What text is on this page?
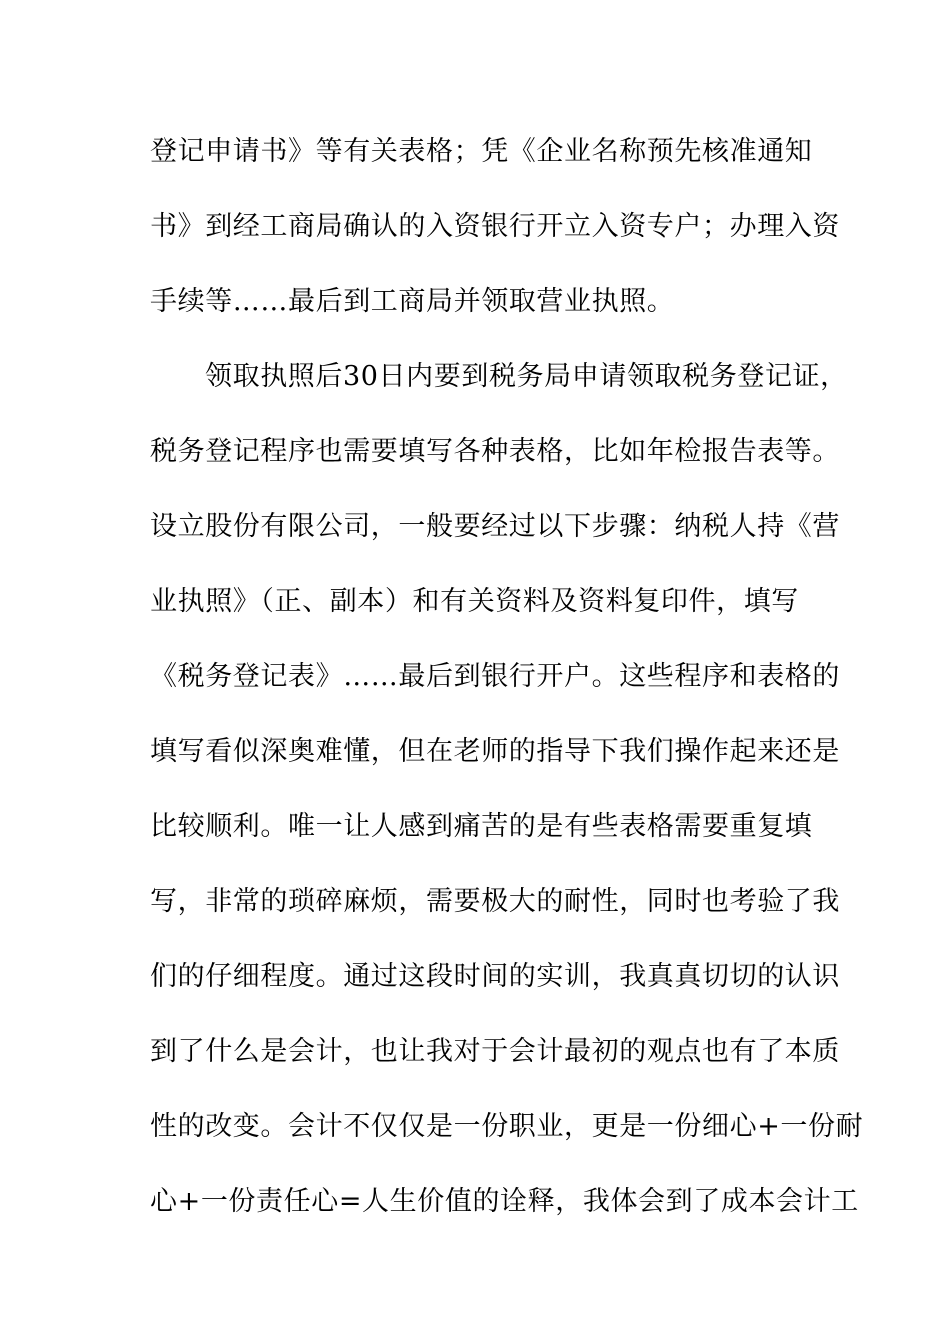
登记申请书》等有关表格；凭《企业名称预先核准通知
书》到经工商局确认的入资银行开立入资专户；办理入资
手续等……最后到工商局并领取营业执照。
领取执照后30日内要到税务局申请领取税务登记证，
税务登记程序也需要填写各种表格，比如年检报告表等。
设立股份有限公司，一般要经过以下步骤：纳税人持《营
业执照》（正、副本）和有关资料及资料复印件，填写
《税务登记表》……最后到银行开户。这些程序和表格的
填写看似深奥难懂，但在老师的指导下我们操作起来还是
比较顺利。唯一让人感到痛苦的是有些表格需要重复填
写，非常的琐碎麻烦，需要极大的耐性，同时也考验了我
们的仔细程度。通过这段时间的实训，我真真切切的认识
到了什么是会计，也让我对于会计最初的观点也有了本质
性的改变。会计不仅仅是一份职业，更是一份细心+一份耐
心+一份责任心=人生价值的诠释，我体会到了成本会计工
